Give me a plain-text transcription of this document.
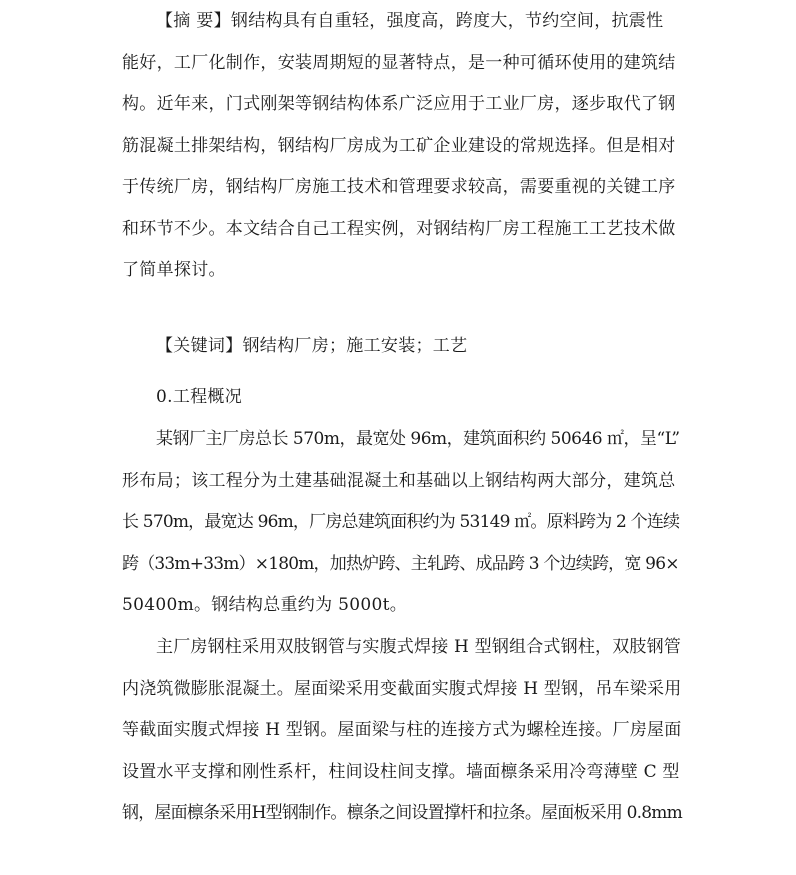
【摘 要】钢结构具有自重轻，强度高，跨度大，节约空间，抗震性
能好，工厂化制作，安装周期短的显著特点，是一种可循环使用的建筑结
构。近年来，门式刚架等钢结构体系广泛应用于工业厂房，逐步取代了钢
筋混凝土排架结构，钢结构厂房成为工矿企业建设的常规选择。但是相对
于传统厂房，钢结构厂房施工技术和管理要求较高，需要重视的关键工序
和环节不少。本文结合自己工程实例，对钢结构厂房工程施工工艺技术做
了简单探讨。
【关键词】钢结构厂房；施工安装；工艺
0.工程概况
某钢厂主厂房总长 570m，最宽处 96m，建筑面积约 50646 ㎡，呈“L”
形布局；该工程分为土建基础混凝土和基础以上钢结构两大部分，建筑总
长 570m，最宽达 96m，厂房总建筑面积约为 53149 ㎡。原料跨为 2 个连续
跨（33m+33m）×180m，加热炉跨、主轧跨、成品跨 3 个边续跨，宽 96×
50400m。钢结构总重约为 5000t。
主厂房钢柱采用双肢钢管与实腹式焊接 H 型钢组合式钢柱，双肢钢管
内浇筑微膨胀混凝土。屋面梁采用变截面实腹式焊接 H 型钢，吊车梁采用
等截面实腹式焊接 H 型钢。屋面梁与柱的连接方式为螺栓连接。厂房屋面
设置水平支撑和刚性系杆，柱间设柱间支撑。墙面檩条采用冷弯薄壁 C 型
钢，屋面檩条采用H型钢制作。檩条之间设置撑杆和拉条。屋面板采用 0.8mm
